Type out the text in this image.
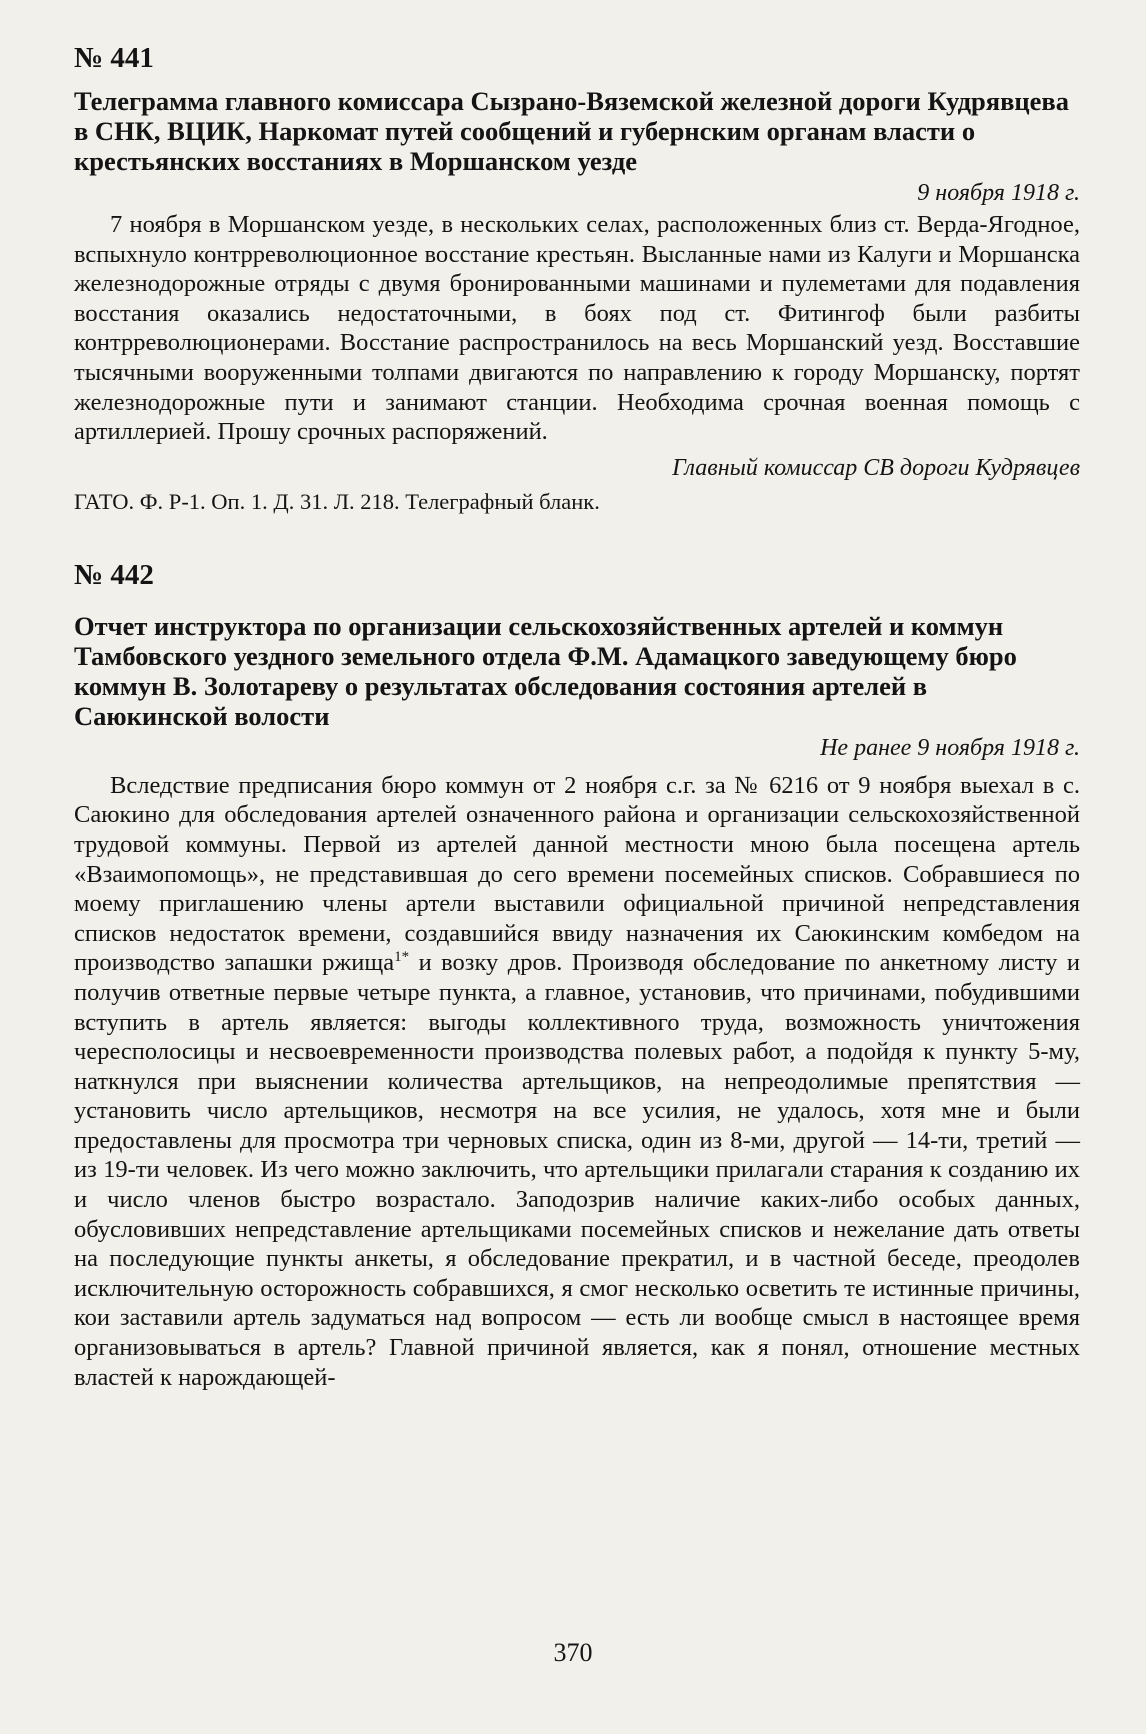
№ 441
Телеграмма главного комиссара Сызрано-Вяземской железной дороги Кудрявцева в СНК, ВЦИК, Наркомат путей сообщений и губернским органам власти о крестьянских восстаниях в Моршанском уезде
9 ноября 1918 г.

7 ноября в Моршанском уезде, в нескольких селах, расположенных близ ст. Верда-Ягодное, вспыхнуло контрреволюционное восстание крестьян. Высланные нами из Калуги и Моршанска железнодорожные отряды с двумя бронированными машинами и пулеметами для подавления восстания оказались недостаточными, в боях под ст. Фитингоф были разбиты контрреволюционерами. Восстание распространилось на весь Моршанский уезд. Восставшие тысячными вооруженными толпами двигаются по направлению к городу Моршанску, портят железнодорожные пути и занимают станции. Необходима срочная военная помощь с артиллерией. Прошу срочных распоряжений.

Главный комиссар СВ дороги Кудрявцев
ГАТО. Ф. Р-1. Оп. 1. Д. 31. Л. 218. Телеграфный бланк.
№ 442
Отчет инструктора по организации сельскохозяйственных артелей и коммун Тамбовского уездного земельного отдела Ф.М. Адамацкого заведующему бюро коммун В. Золотареву о результатах обследования состояния артелей в Саюкинской волости
Не ранее 9 ноября 1918 г.

Вследствие предписания бюро коммун от 2 ноября с.г. за № 6216 от 9 ноября выехал в с. Саюкино для обследования артелей означенного района и организации сельскохозяйственной трудовой коммуны. Первой из артелей данной местности мною была посещена артель «Взаимопомощь», не представившая до сего времени посемейных списков. Собравшиеся по моему приглашению члены артели выставили официальной причиной непредставления списков недостаток времени, создавшийся ввиду назначения их Саюкинским комбедом на производство запашки ржища$^{1*}$ и возку дров. Производя обследование по анкетному листу и получив ответные первые четыре пункта, а главное, установив, что причинами, побудившими вступить в артель является: выгоды коллективного труда, возможность уничтожения чересполосицы и несвоевременности производства полевых работ, а подойдя к пункту 5-му, наткнулся при выяснении количества артельщиков, на непреодолимые препятствия — установить число артельщиков, несмотря на все усилия, не удалось, хотя мне и были предоставлены для просмотра три черновых списка, один из 8-ми, другой — 14-ти, третий — из 19-ти человек. Из чего можно заключить, что артельщики прилагали старания к созданию их и число членов быстро возрастало. Заподозрив наличие каких-либо особых данных, обусловивших непредставление артельщиками посемейных списков и нежелание дать ответы на последующие пункты анкеты, я обследование прекратил, и в частной беседе, преодолев исключительную осторожность собравшихся, я смог несколько осветить те истинные причины, кои заставили артель задуматься над вопросом — есть ли вообще смысл в настоящее время организовываться в артель? Главной причиной является, как я понял, отношение местных властей к нарождающей-

370
